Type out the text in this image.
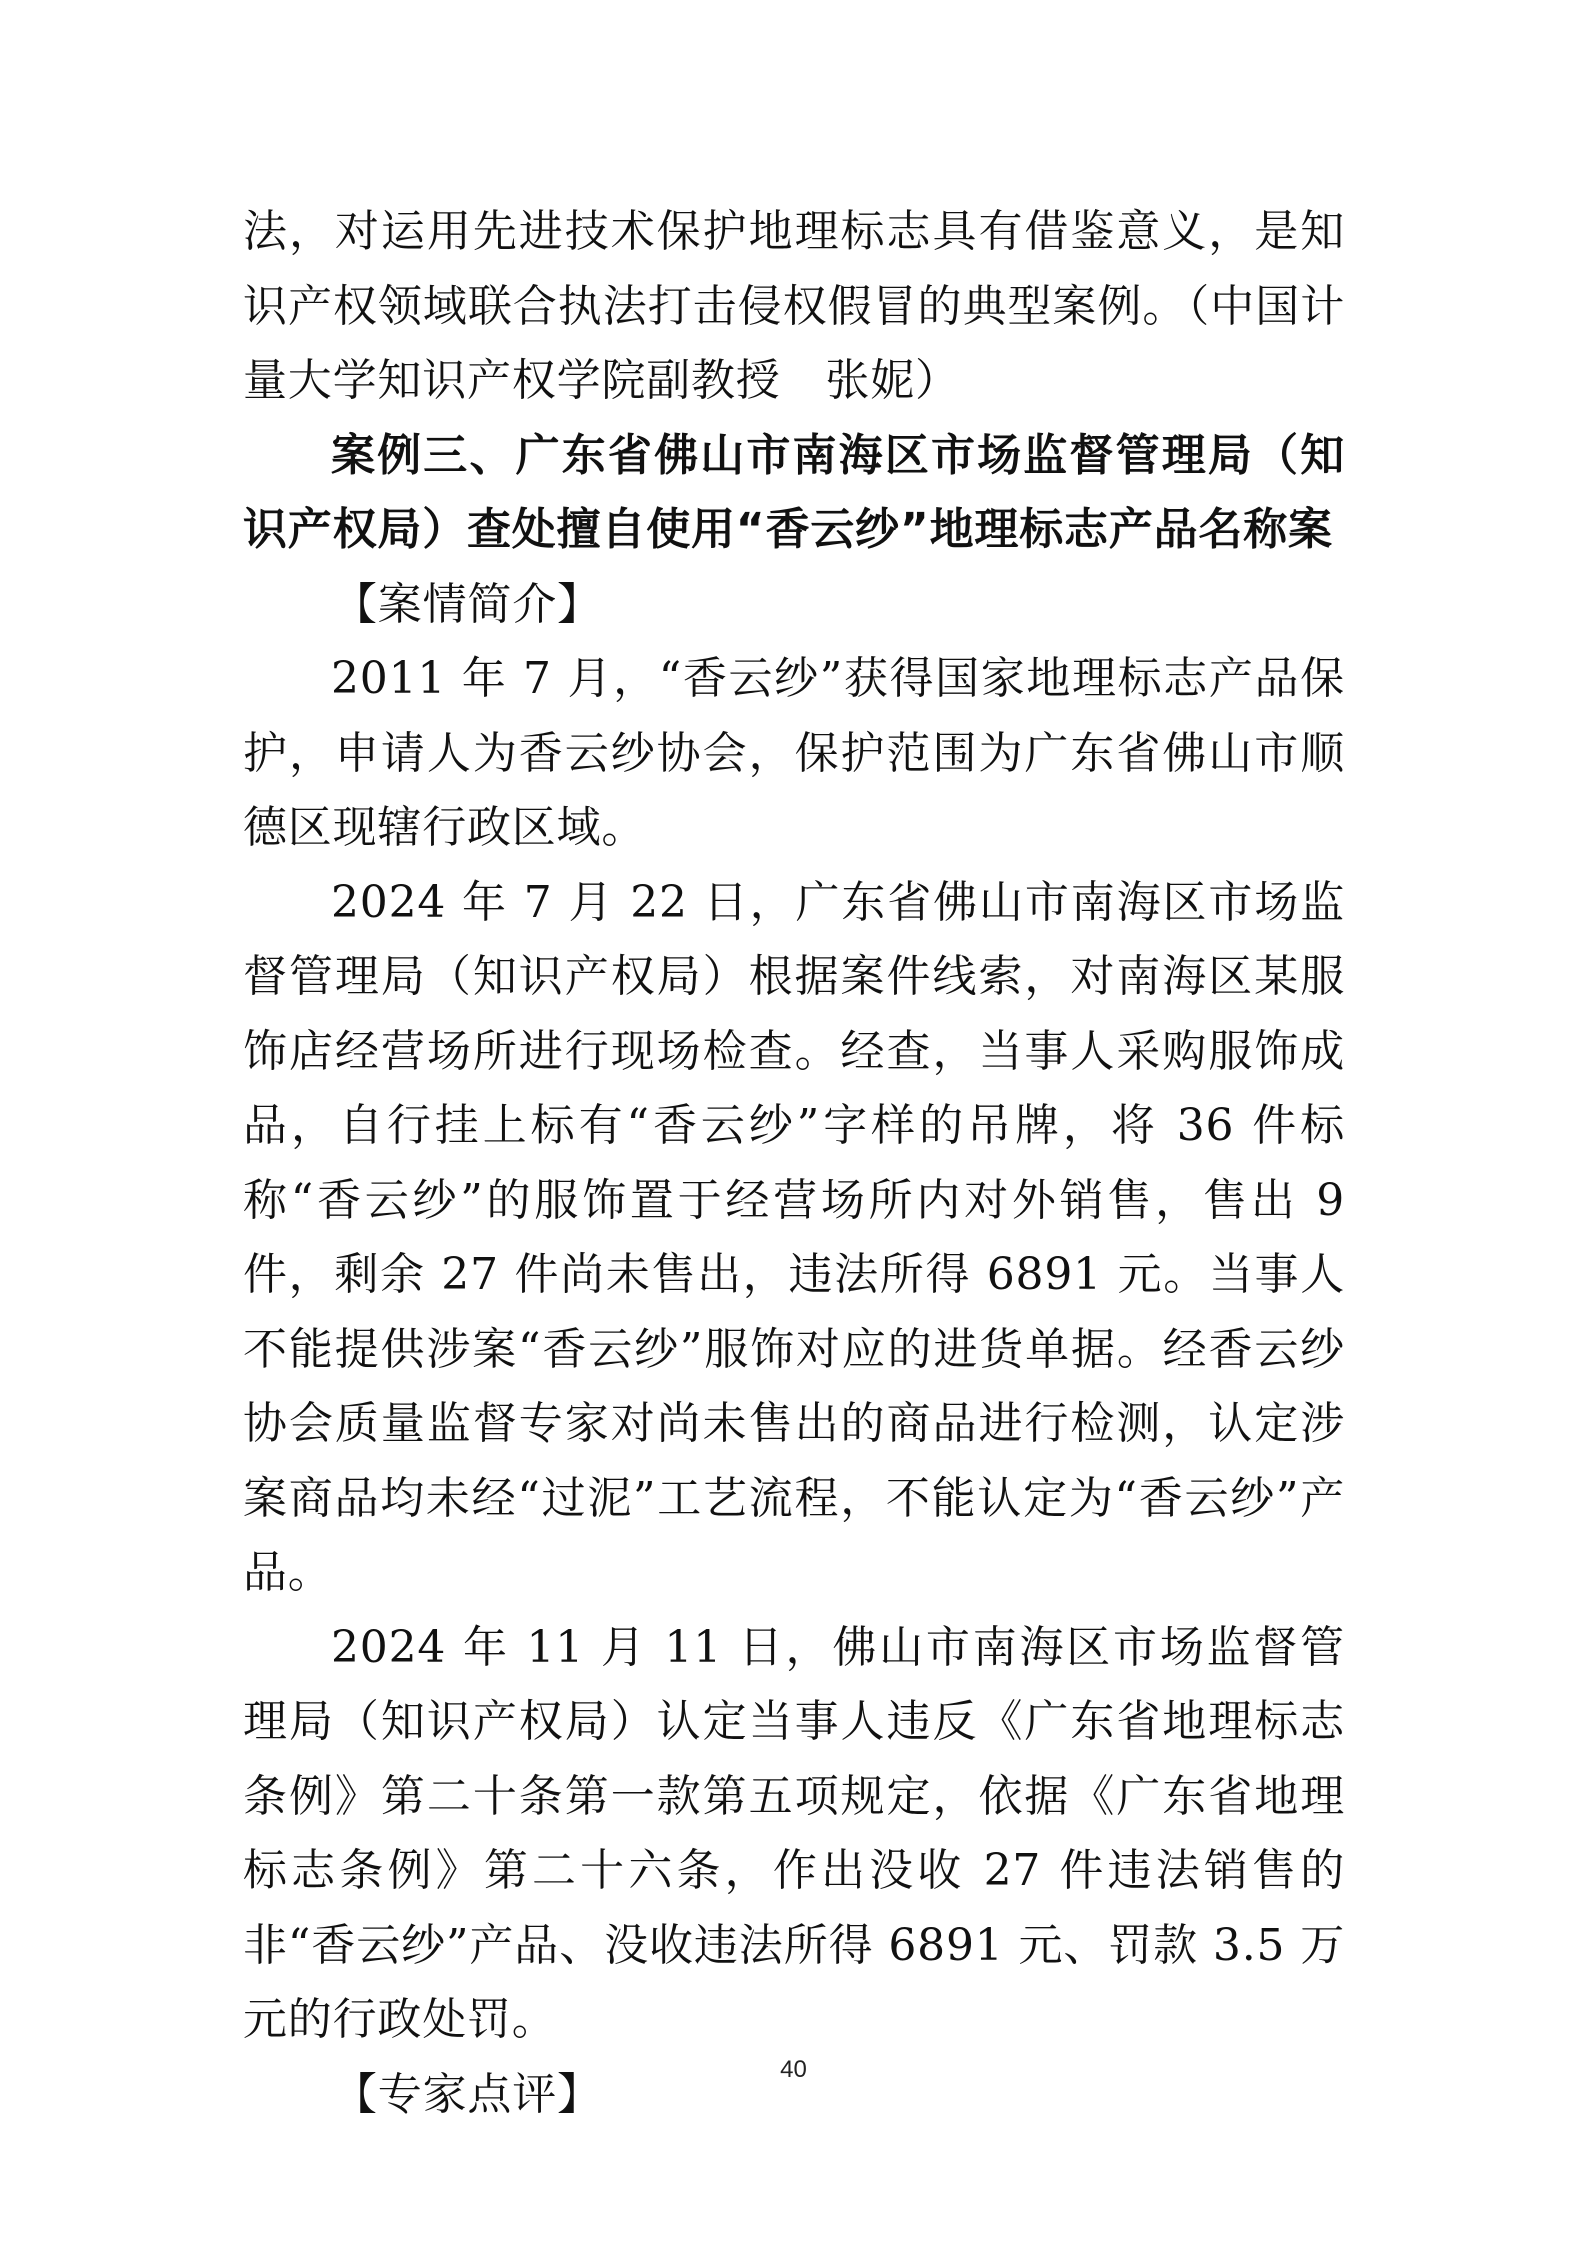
法，对运用先进技术保护地理标志具有借鉴意义，是知识产权领域联合执法打击侵权假冒的典型案例。（中国计量大学知识产权学院副教授　张妮）

案例三、广东省佛山市南海区市场监督管理局（知识产权局）查处擅自使用“香云纱”地理标志产品名称案

【案情简介】

2011 年 7 月，“香云纱”获得国家地理标志产品保护，申请人为香云纱协会，保护范围为广东省佛山市顺德区现辖行政区域。

2024 年 7 月 22 日，广东省佛山市南海区市场监督管理局（知识产权局）根据案件线索，对南海区某服饰店经营场所进行现场检查。经查，当事人采购服饰成品，自行挂上标有“香云纱”字样的吊牌，将 36 件标称“香云纱”的服饰置于经营场所内对外销售，售出 9 件，剩余 27 件尚未售出，违法所得 6891 元。当事人不能提供涉案“香云纱”服饰对应的进货单据。经香云纱协会质量监督专家对尚未售出的商品进行检测，认定涉案商品均未经“过泥”工艺流程，不能认定为“香云纱”产品。

2024 年 11 月 11 日，佛山市南海区市场监督管理局（知识产权局）认定当事人违反《广东省地理标志条例》第二十条第一款第五项规定，依据《广东省地理标志条例》第二十六条，作出没收 27 件违法销售的非“香云纱”产品、没收违法所得 6891 元、罚款 3.5 万元的行政处罚。

【专家点评】	40
